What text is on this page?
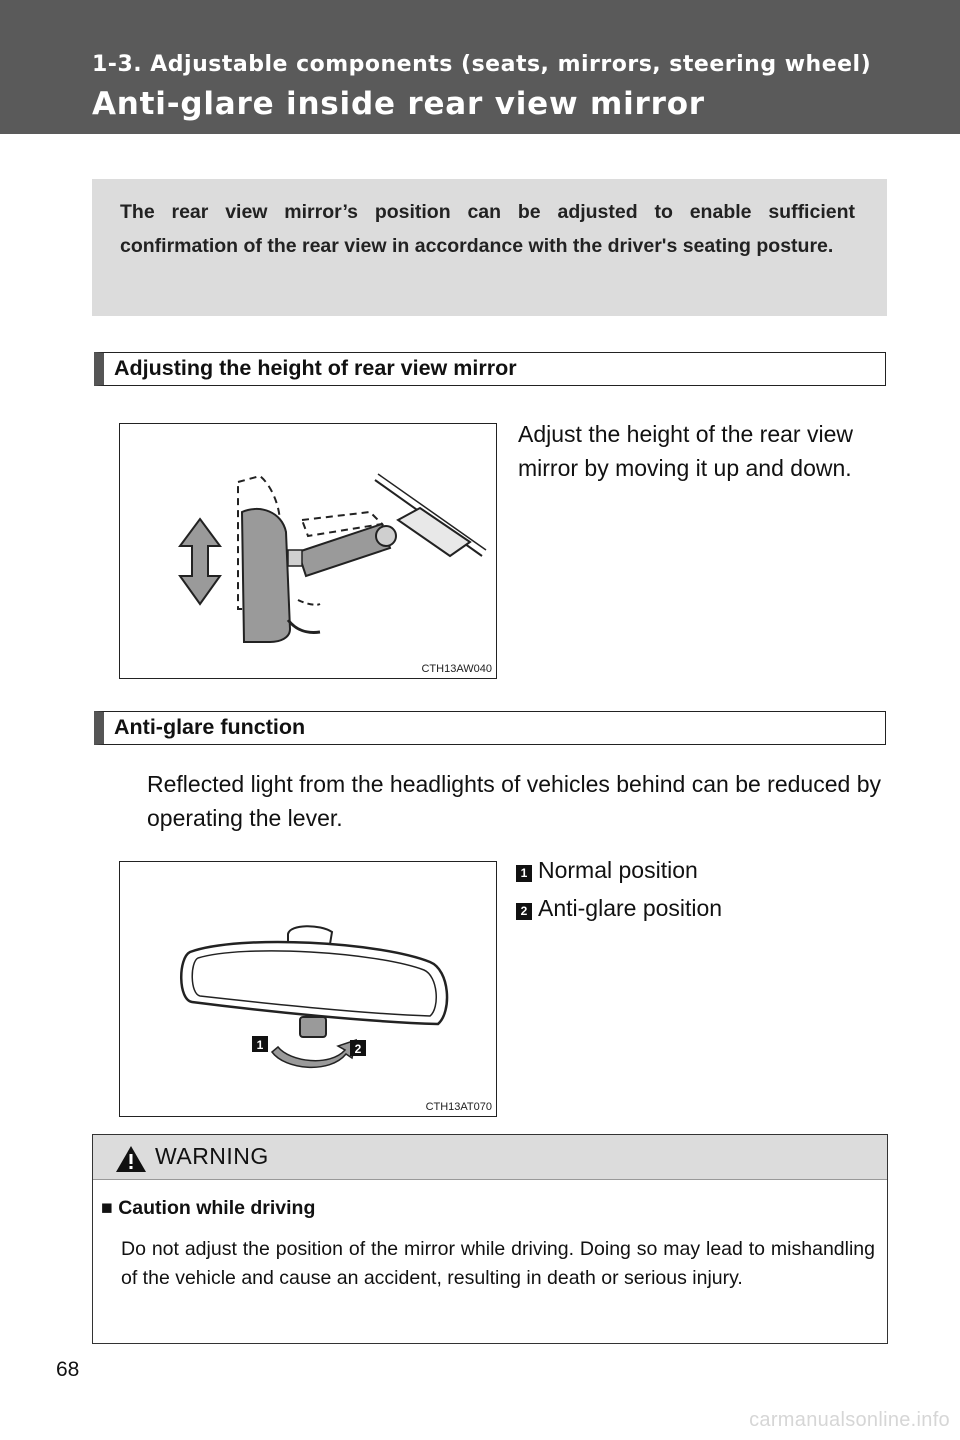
1-3. Adjustable components (seats, mirrors, steering wheel)
Anti-glare inside rear view mirror
The rear view mirror’s position can be adjusted to enable sufficient confirmation of the rear view in accordance with the driver's seating posture.
Adjusting the height of rear view mirror
CTH13AW040
Adjust the height of the rear view mirror by moving it up and down.
Anti-glare function
Reflected light from the headlights of vehicles behind can be reduced by operating the lever.
1 Normal position
2 Anti-glare position
1	2
CTH13AT070
WARNING
■ Caution while driving
Do not adjust the position of the mirror while driving. Doing so may lead to mishandling of the vehicle and cause an accident, resulting in death or serious injury.
68
carmanualsonline.info
